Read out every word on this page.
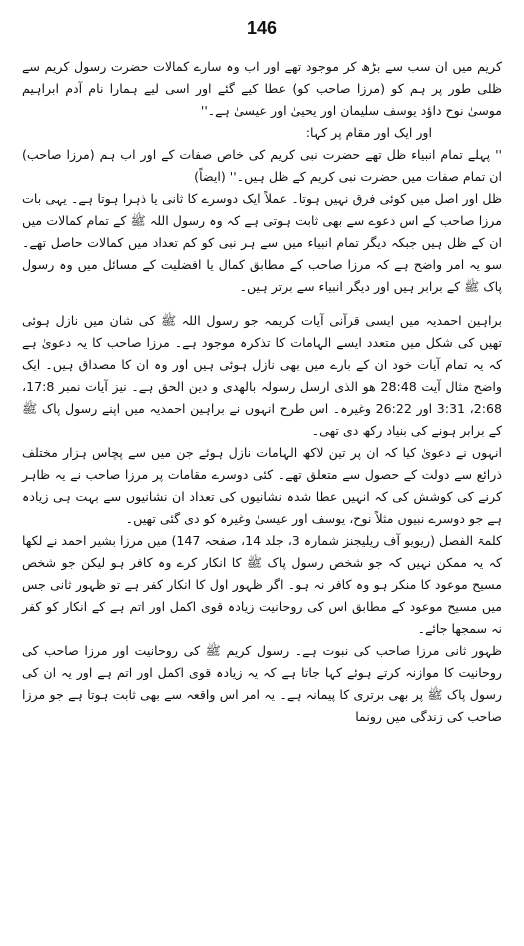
146

کریم میں ان سب سے بڑھ کر موجود تھے اور اب وہ سارے کمالات حضرت رسول کریم سے ظلی طور پر ہم کو (مرزا صاحب کو) عطا کیے گئے اور اسی لیے ہمارا نام آدم ابراہیم موسیٰ نوح داؤد یوسف سلیمان اور یحییٰ اور عیسیٰ ہے۔''

اور ایک اور مقام پر کہا:

'' پہلے تمام انبیاء ظل تھے حضرت نبی کریم کی خاص صفات کے اور اب ہم (مرزا صاحب) ان تمام صفات میں حضرت نبی کریم کے ظل ہیں۔'' (ایضاً)

ظل اور اصل میں کوئی فرق نہیں ہوتا۔ عملاً ایک دوسرے کا ثانی یا ذہرا ہوتا ہے۔ یہی بات مرزا صاحب کے اس دعوے سے بھی ثابت ہوتی ہے کہ وہ رسول اللہ ﷺ کے تمام کمالات میں ان کے ظل ہیں جبکہ دیگر تمام انبیاء میں سے ہر نبی کو کم تعداد میں کمالات حاصل تھے۔ سو یہ امر واضح ہے کہ مرزا صاحب کے مطابق کمال یا افضلیت کے مسائل میں وہ رسول پاک ﷺ کے برابر ہیں اور دیگر انبیاء سے برتر ہیں۔

براہین احمدیہ میں ایسی قرآنی آیات کریمہ جو رسول اللہ ﷺ کی شان میں نازل ہوئی تھیں کی شکل میں متعدد ایسے الہامات کا تذکرہ موجود ہے۔ مرزا صاحب کا یہ دعویٰ ہے کہ یہ تمام آیات خود ان کے بارے میں بھی نازل ہوئی ہیں اور وہ ان کا مصداق ہیں۔ ایک واضح مثال آیت 28:48 ھو الذی ارسل رسولہ بالھدی و دین الحق ہے۔ نیز آیات نمبر 17:8، 2:68، 3:31 اور 26:22 وغیرہ۔ اس طرح انہوں نے براہین احمدیہ میں اپنے رسول پاک ﷺ کے برابر ہونے کی بنیاد رکھ دی تھی۔

انہوں نے دعویٰ کیا کہ ان پر تین لاکھ الہامات نازل ہوئے جن میں سے پچاس ہزار مختلف ذرائع سے دولت کے حصول سے متعلق تھے۔ کئی دوسرے مقامات پر مرزا صاحب نے یہ ظاہر کرنے کی کوشش کی کہ انہیں عطا شدہ نشانیوں کی تعداد ان نشانیوں سے بہت ہی زیادہ ہے جو دوسرے نبیوں مثلاً نوح، یوسف اور عیسیٰ وغیرہ کو دی گئی تھیں۔

کلمۃ الفصل (ریویو آف ریلیجنز شمارہ 3، جلد 14، صفحہ 147) میں مرزا بشیر احمد نے لکھا کہ یہ ممکن نہیں کہ جو شخص رسول پاک ﷺ کا انکار کرے وہ کافر ہو لیکن جو شخص مسیح موعود کا منکر ہو وہ کافر نہ ہو۔ اگر ظہور اول کا انکار کفر ہے تو ظہور ثانی جس میں مسیح موعود کے مطابق اس کی روحانیت زیادہ قوی اکمل اور اتم ہے کے انکار کو کفر نہ سمجھا جائے۔

ظہور ثانی مرزا صاحب کی نبوت ہے۔ رسول کریم ﷺ کی روحانیت اور مرزا صاحب کی روحانیت کا موازنہ کرتے ہوئے کہا جاتا ہے کہ یہ زیادہ قوی اکمل اور اتم ہے اور یہ ان کی رسول پاک ﷺ پر بھی برتری کا پیمانہ ہے۔ یہ امر اس واقعہ سے بھی ثابت ہوتا ہے جو مرزا صاحب کی زندگی میں رونما
